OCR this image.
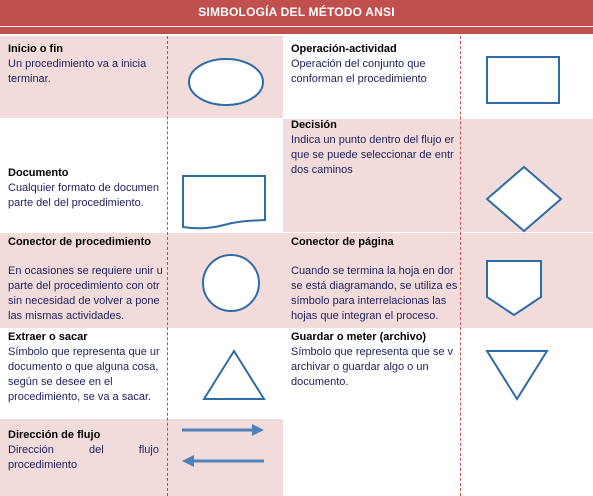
SIMBOLOGÍA DEL MÉTODO ANSI
Inicio o fin
Un procedimiento va a inicia
terminar.
Documento
Cualquier formato de documen
parte del del procedimiento.
Conector de procedimiento
En ocasiones se requiere unir u
parte del procedimiento con otr
sin necesidad de volver a pone
las mismas actividades.
Extraer o sacar
Símbolo que representa que ur
documento o que alguna cosa,
según se desee en el
procedimiento, se va a sacar.
Dirección de flujo
Dirección del flujo procedimiento
Operación-actividad
Operación del conjunto que
conforman el procedimiento
Decisión
Indica un punto dentro del flujo er
que se puede seleccionar de entr
dos caminos
Conector de página
Cuando se termina la hoja en dor
se está diagramando, se utiliza es
símbolo para interrelacionas las
hojas que integran el proceso.
Guardar o meter (archivo)
Símbolo que representa que se v
archivar o guardar algo o un
documento.
